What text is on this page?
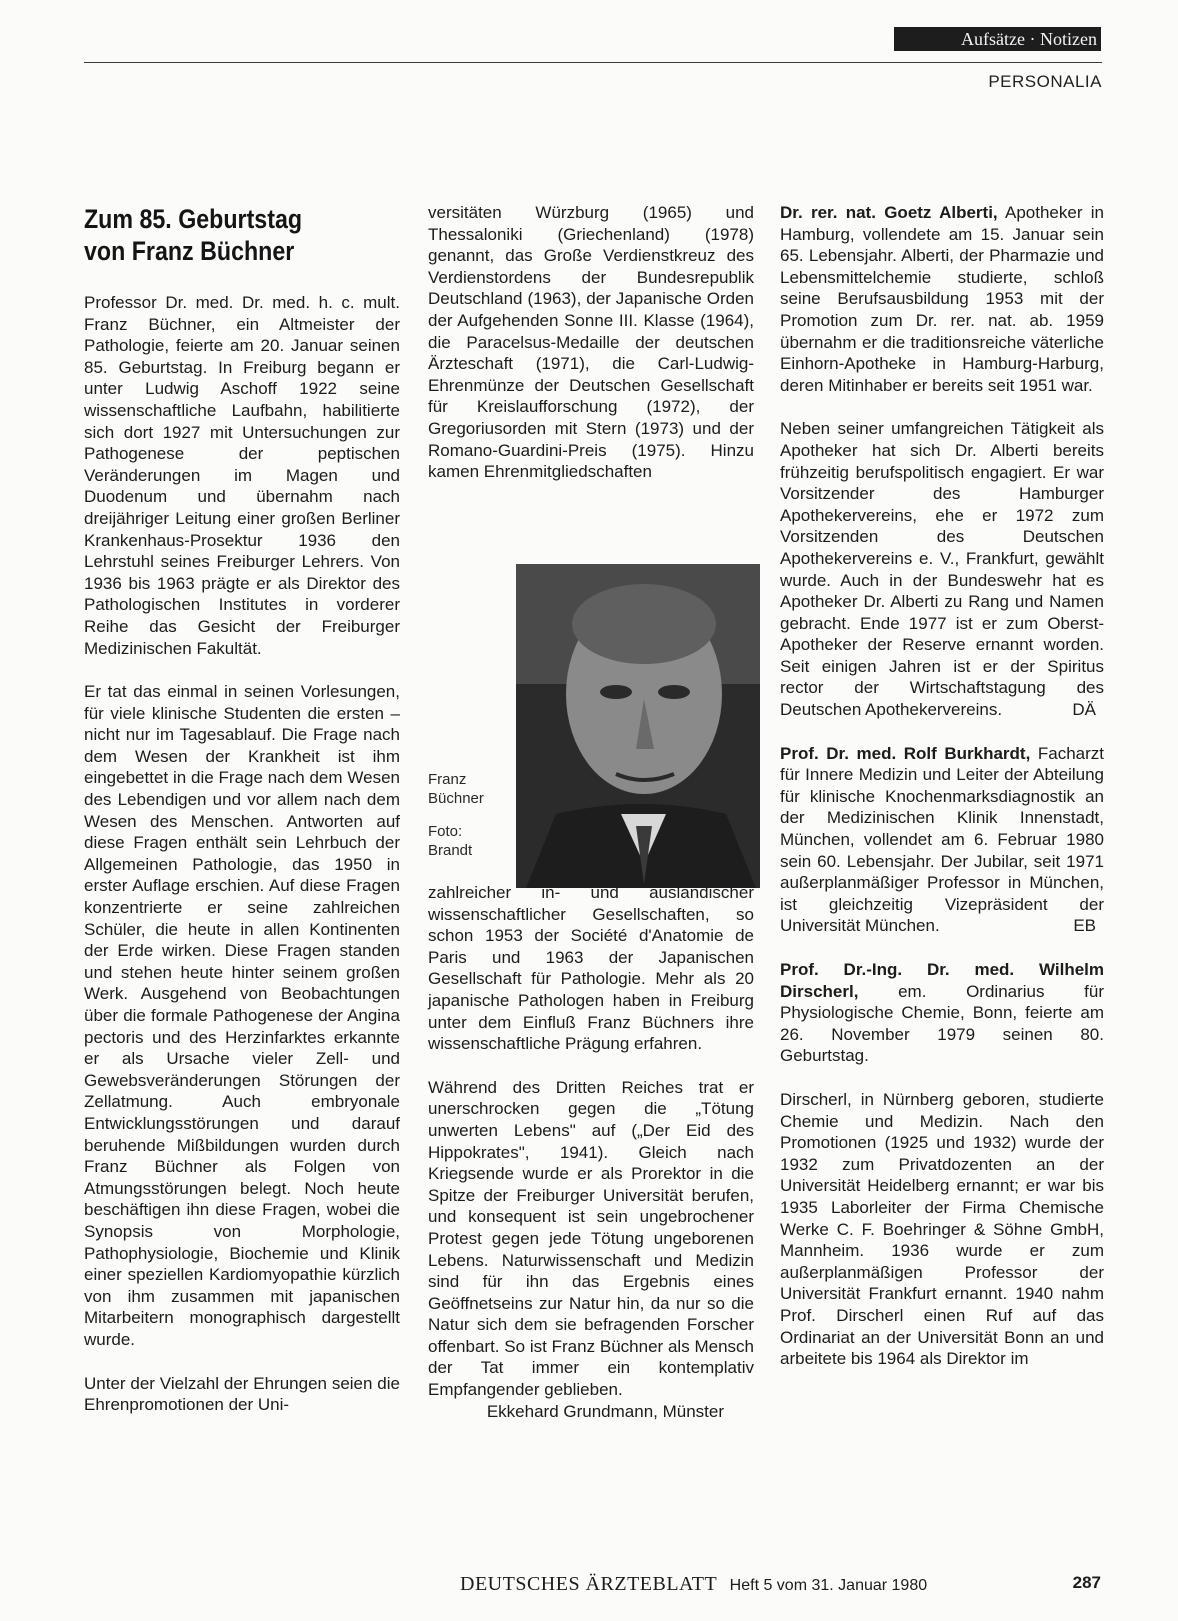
Aufsätze · Notizen
PERSONALIA
Zum 85. Geburtstag
von Franz Büchner

Professor Dr. med. Dr. med. h. c. mult. Franz Büchner, ein Altmeister der Pathologie, feierte am 20. Januar seinen 85. Geburtstag. In Freiburg begann er unter Ludwig Aschoff 1922 seine wissenschaftliche Laufbahn, habilitierte sich dort 1927 mit Untersuchungen zur Pathogenese der peptischen Veränderungen im Magen und Duodenum und übernahm nach dreijähriger Leitung einer großen Berliner Krankenhaus-Prosektur 1936 den Lehrstuhl seines Freiburger Lehrers. Von 1936 bis 1963 prägte er als Direktor des Pathologischen Institutes in vorderer Reihe das Gesicht der Freiburger Medizinischen Fakultät.

Er tat das einmal in seinen Vorlesungen, für viele klinische Studenten die ersten – nicht nur im Tagesablauf. Die Frage nach dem Wesen der Krankheit ist ihm eingebettet in die Frage nach dem Wesen des Lebendigen und vor allem nach dem Wesen des Menschen. Antworten auf diese Fragen enthält sein Lehrbuch der Allgemeinen Pathologie, das 1950 in erster Auflage erschien. Auf diese Fragen konzentrierte er seine zahlreichen Schüler, die heute in allen Kontinenten der Erde wirken. Diese Fragen standen und stehen heute hinter seinem großen Werk. Ausgehend von Beobachtungen über die formale Pathogenese der Angina pectoris und des Herzinfarktes erkannte er als Ursache vieler Zell- und Gewebsveränderungen Störungen der Zellatmung. Auch embryonale Entwicklungsstörungen und darauf beruhende Mißbildungen wurden durch Franz Büchner als Folgen von Atmungsstörungen belegt. Noch heute beschäftigen ihn diese Fragen, wobei die Synopsis von Morphologie, Pathophysiologie, Biochemie und Klinik einer speziellen Kardiomyopathie kürzlich von ihm zusammen mit japanischen Mitarbeitern monographisch dargestellt wurde.

Unter der Vielzahl der Ehrungen seien die Ehrenpromotionen der Uni-

versitäten Würzburg (1965) und Thessaloniki (Griechenland) (1978) genannt, das Große Verdienstkreuz des Verdienstordens der Bundesrepublik Deutschland (1963), der Japanische Orden der Aufgehenden Sonne III. Klasse (1964), die Paracelsus-Medaille der deutschen Ärzteschaft (1971), die Carl-Ludwig-Ehrenmünze der Deutschen Gesellschaft für Kreislaufforschung (1972), der Gregoriusorden mit Stern (1973) und der Romano-Guardini-Preis (1975). Hinzu kamen Ehrenmitgliedschaften

Franz
Büchner
Foto:
Brandt

zahlreicher in- und ausländischer wissenschaftlicher Gesellschaften, so schon 1953 der Société d'Anatomie de Paris und 1963 der Japanischen Gesellschaft für Pathologie. Mehr als 20 japanische Pathologen haben in Freiburg unter dem Einfluß Franz Büchners ihre wissenschaftliche Prägung erfahren.

Während des Dritten Reiches trat er unerschrocken gegen die „Tötung unwerten Lebens" auf („Der Eid des Hippokrates", 1941). Gleich nach Kriegsende wurde er als Prorektor in die Spitze der Freiburger Universität berufen, und konsequent ist sein ungebrochener Protest gegen jede Tötung ungeborenen Lebens. Naturwissenschaft und Medizin sind für ihn das Ergebnis eines Geöffnetseins zur Natur hin, da nur so die Natur sich dem sie befragenden Forscher offenbart. So ist Franz Büchner als Mensch der Tat immer ein kontemplativ Empfangender geblieben.

Ekkehard Grundmann, Münster

Dr. rer. nat. Goetz Alberti, Apotheker in Hamburg, vollendete am 15. Januar sein 65. Lebensjahr. Alberti, der Pharmazie und Lebensmittelchemie studierte, schloß seine Berufsausbildung 1953 mit der Promotion zum Dr. rer. nat. ab. 1959 übernahm er die traditionsreiche väterliche Einhorn-Apotheke in Hamburg-Harburg, deren Mitinhaber er bereits seit 1951 war.

Neben seiner umfangreichen Tätigkeit als Apotheker hat sich Dr. Alberti bereits frühzeitig berufspolitisch engagiert. Er war Vorsitzender des Hamburger Apothekervereins, ehe er 1972 zum Vorsitzenden des Deutschen Apothekervereins e. V., Frankfurt, gewählt wurde. Auch in der Bundeswehr hat es Apotheker Dr. Alberti zu Rang und Namen gebracht. Ende 1977 ist er zum Oberst-Apotheker der Reserve ernannt worden. Seit einigen Jahren ist er der Spiritus rector der Wirtschaftstagung des Deutschen Apothekervereins.	DÄ

Prof. Dr. med. Rolf Burkhardt, Facharzt für Innere Medizin und Leiter der Abteilung für klinische Knochenmarksdiagnostik an der Medizinischen Klinik Innenstadt, München, vollendet am 6. Februar 1980 sein 60. Lebensjahr. Der Jubilar, seit 1971 außerplanmäßiger Professor in München, ist gleichzeitig Vizepräsident der Universität München.	EB

Prof. Dr.-Ing. Dr. med. Wilhelm Dirscherl, em. Ordinarius für Physiologische Chemie, Bonn, feierte am 26. November 1979 seinen 80. Geburtstag.

Dirscherl, in Nürnberg geboren, studierte Chemie und Medizin. Nach den Promotionen (1925 und 1932) wurde der 1932 zum Privatdozenten an der Universität Heidelberg ernannt; er war bis 1935 Laborleiter der Firma Chemische Werke C. F. Boehringer & Söhne GmbH, Mannheim. 1936 wurde er zum außerplanmäßigen Professor der Universität Frankfurt ernannt. 1940 nahm Prof. Dirscherl einen Ruf auf das Ordinariat an der Universität Bonn an und arbeitete bis 1964 als Direktor im

DEUTSCHES ÄRZTEBLATT Heft 5 vom 31. Januar 1980	287
